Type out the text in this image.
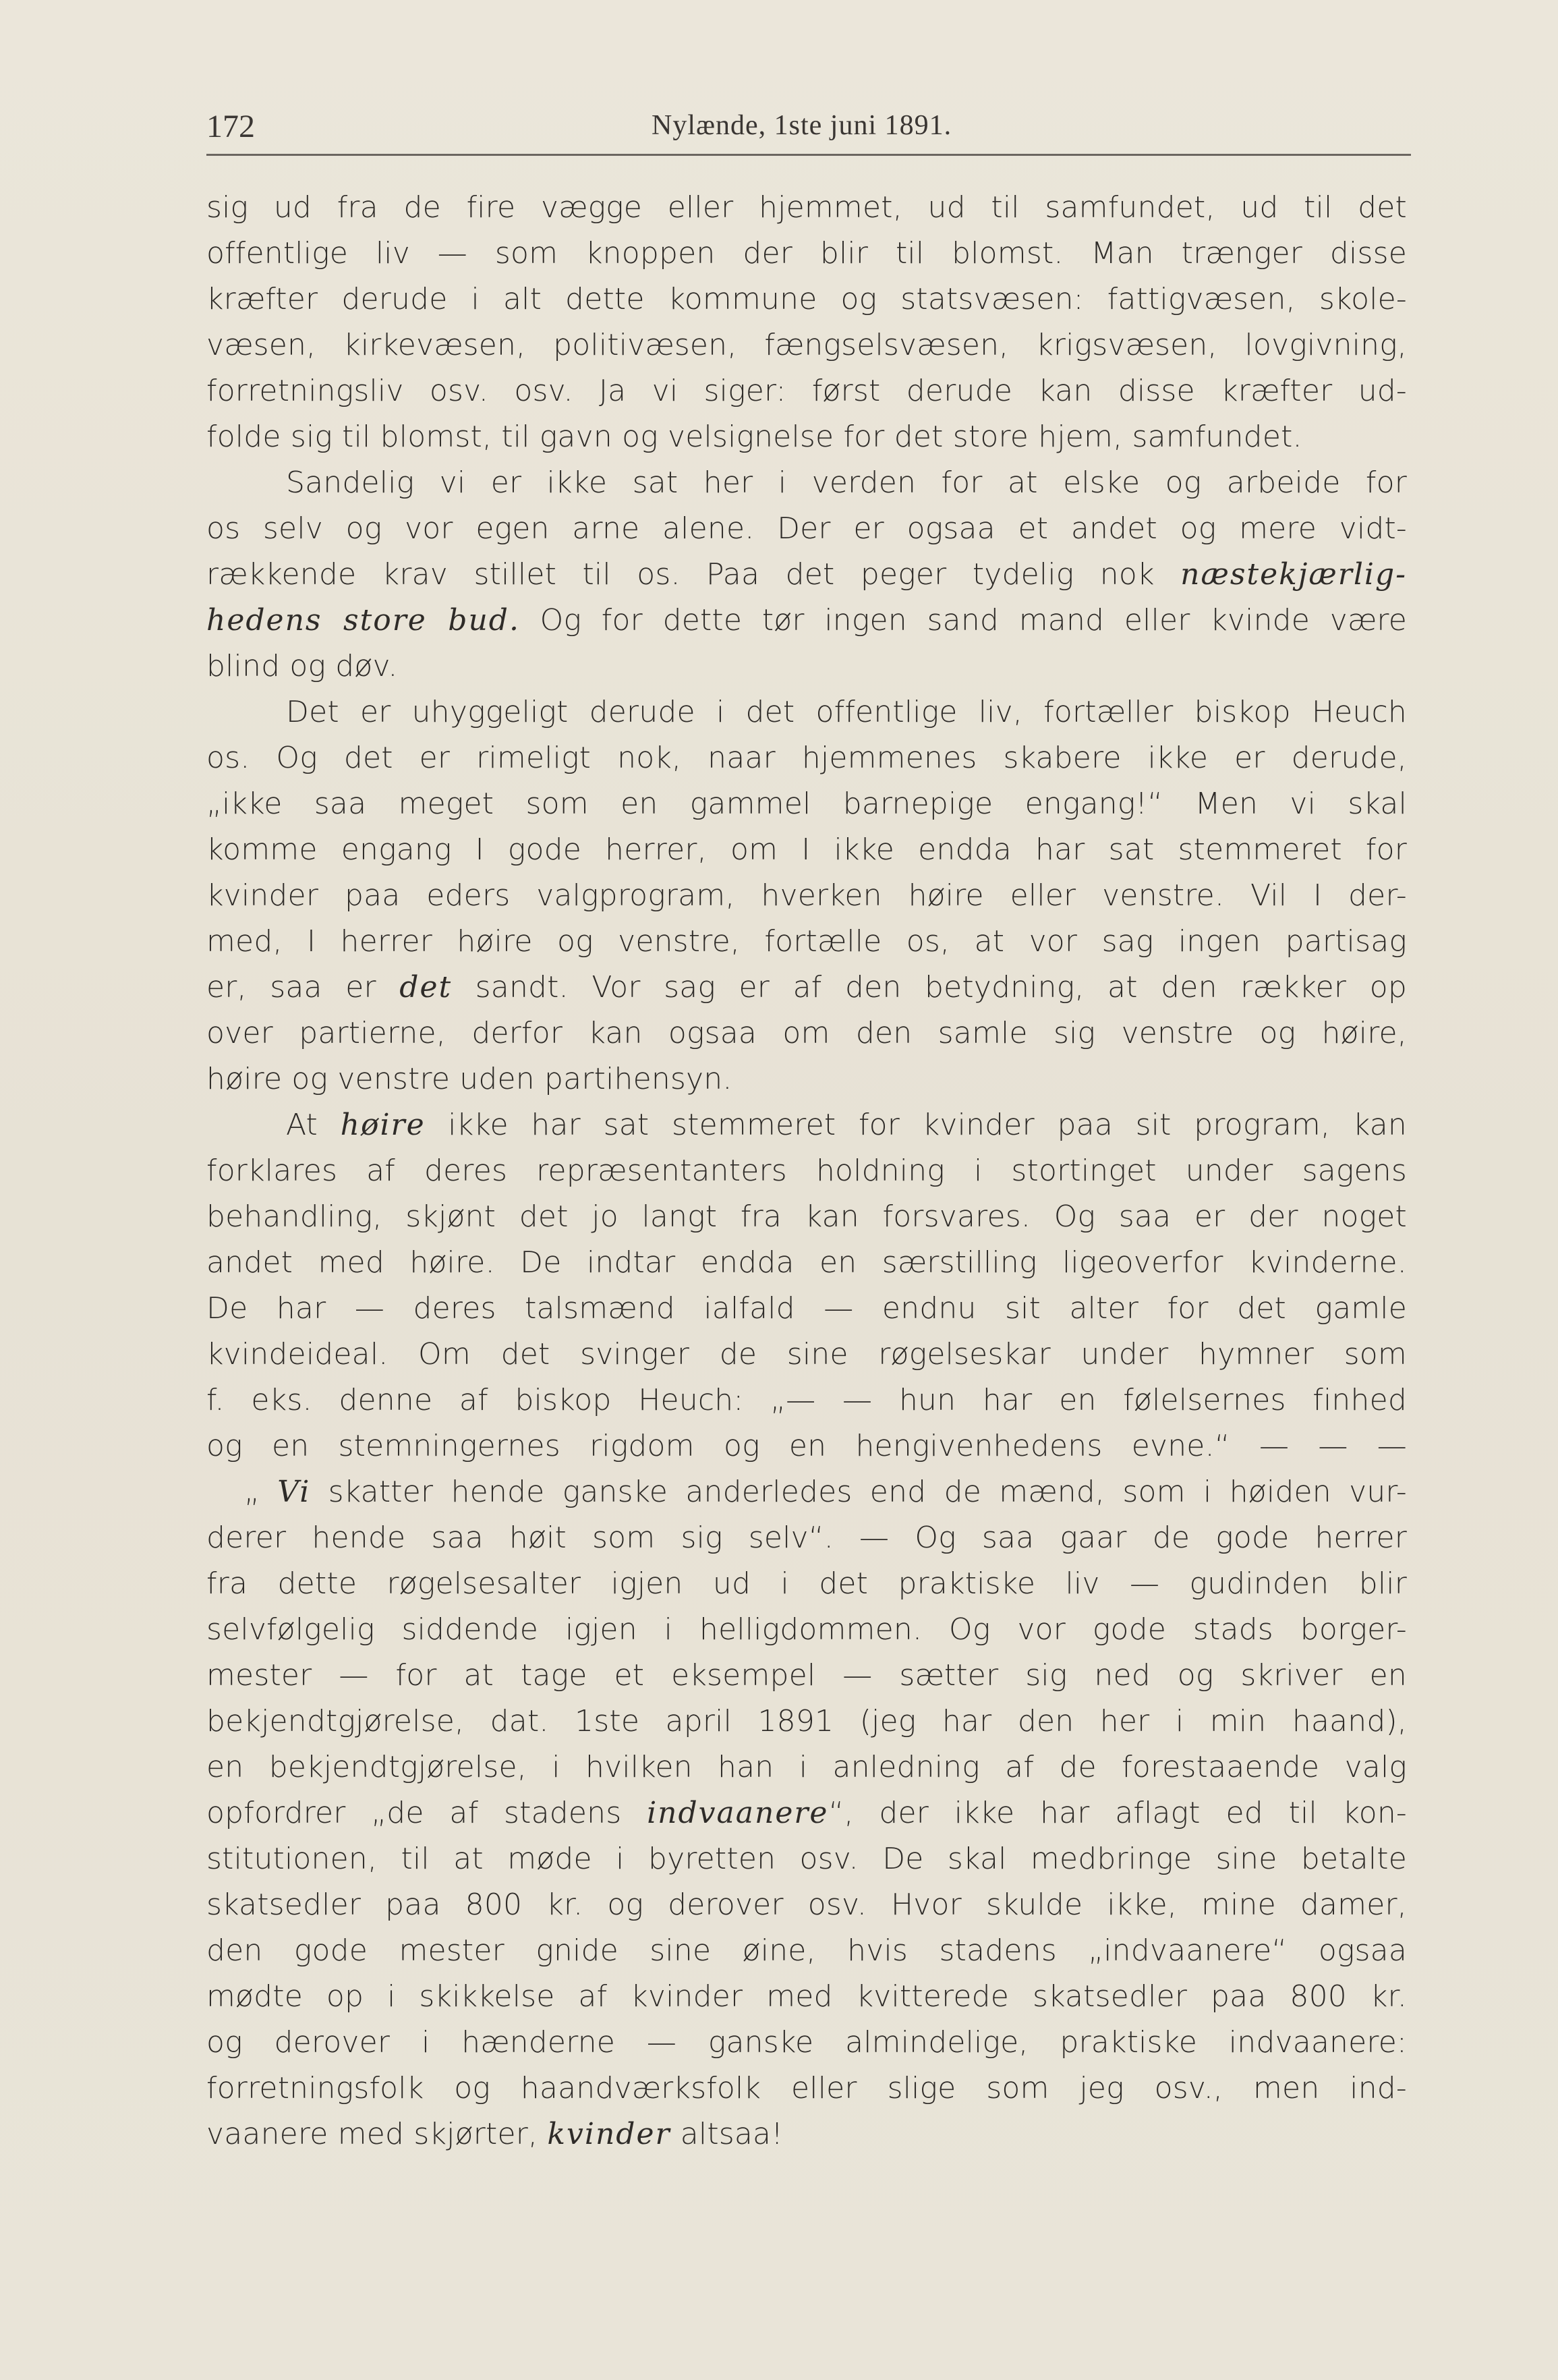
172	Nylænde, 1ste juni 1891.
sig ud fra de fire vægge eller hjemmet, ud til samfundet, ud til det
offentlige liv — som knoppen der blir til blomst. Man trænger disse
kræfter derude i alt dette kommune og statsvæsen: fattigvæsen, skole-
væsen, kirkevæsen, politivæsen, fængselsvæsen, krigsvæsen, lovgivning,
forretningsliv osv. osv. Ja vi siger: først derude kan disse kræfter ud-
folde sig til blomst, til gavn og velsignelse for det store hjem, samfundet.
Sandelig vi er ikke sat her i verden for at elske og arbeide for
os selv og vor egen arne alene. Der er ogsaa et andet og mere vidt-
rækkende krav stillet til os. Paa det peger tydelig nok næstekjærlig-
hedens store bud. Og for dette tør ingen sand mand eller kvinde være
blind og døv.
Det er uhyggeligt derude i det offentlige liv, fortæller biskop Heuch
os. Og det er rimeligt nok, naar hjemmenes skabere ikke er derude,
„ikke saa meget som en gammel barnepige engang!“ Men vi skal
komme engang I gode herrer, om I ikke endda har sat stemmeret for
kvinder paa eders valgprogram, hverken høire eller venstre. Vil I der-
med, I herrer høire og venstre, fortælle os, at vor sag ingen partisag
er, saa er det sandt. Vor sag er af den betydning, at den rækker op
over partierne, derfor kan ogsaa om den samle sig venstre og høire,
høire og venstre uden partihensyn.
At høire ikke har sat stemmeret for kvinder paa sit program, kan
forklares af deres repræsentanters holdning i stortinget under sagens
behandling, skjønt det jo langt fra kan forsvares. Og saa er der noget
andet med høire. De indtar endda en særstilling ligeoverfor kvinderne.
De har — deres talsmænd ialfald — endnu sit alter for det gamle
kvindeideal. Om det svinger de sine røgelseskar under hymner som
f. eks. denne af biskop Heuch: „— — hun har en følelsernes finhed
og en stemningernes rigdom og en hengivenhedens evne.“ — — —
„ Vi skatter hende ganske anderledes end de mænd, som i høiden vur-
derer hende saa høit som sig selv“. — Og saa gaar de gode herrer
fra dette røgelsesalter igjen ud i det praktiske liv — gudinden blir
selvfølgelig siddende igjen i helligdommen. Og vor gode stads borger-
mester — for at tage et eksempel — sætter sig ned og skriver en
bekjendtgjørelse, dat. 1ste april 1891 (jeg har den her i min haand),
en bekjendtgjørelse, i hvilken han i anledning af de forestaaende valg
opfordrer „de af stadens indvaanere“, der ikke har aflagt ed til kon-
stitutionen, til at møde i byretten osv. De skal medbringe sine betalte
skatsedler paa 800 kr. og derover osv. Hvor skulde ikke, mine damer,
den gode mester gnide sine øine, hvis stadens „indvaanere“ ogsaa
mødte op i skikkelse af kvinder med kvitterede skatsedler paa 800 kr.
og derover i hænderne — ganske almindelige, praktiske indvaanere:
forretningsfolk og haandværksfolk eller slige som jeg osv., men ind-
vaanere med skjørter, kvinder altsaa!
